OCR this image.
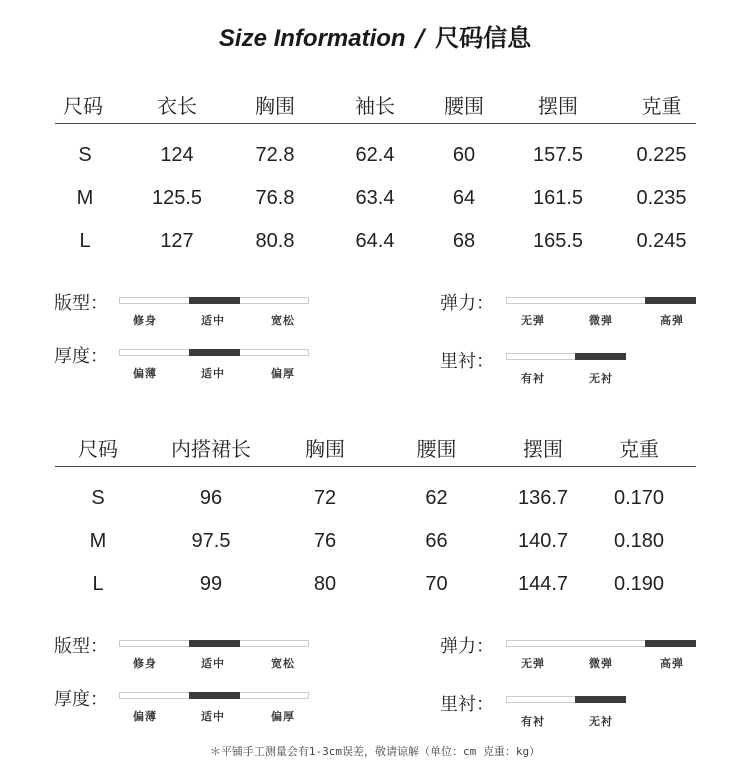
Size Information / 尺码信息
尺码	衣长	胸围	袖长	腰围	摆围	克重
S	124	72.8	62.4	60	157.5	0.225
M	125.5	76.8	63.4	64	161.5	0.235
L	127	80.8	64.4	68	165.5	0.245
版型：
修身	适中	宽松
弹力：
无弹	微弹	高弹
厚度：
偏薄	适中	偏厚
里衬：
有衬	无衬
尺码	内搭裙长	胸围	腰围	摆围	克重
S	96	72	62	136.7	0.170
M	97.5	76	66	140.7	0.180
L	99	80	70	144.7	0.190
版型：
修身	适中	宽松
弹力：
无弹	微弹	高弹
厚度：
偏薄	适中	偏厚
里衬：
有衬	无衬
＊平铺手工测量会有1-3cm误差，敬请谅解（单位：cm 克重：kg）
